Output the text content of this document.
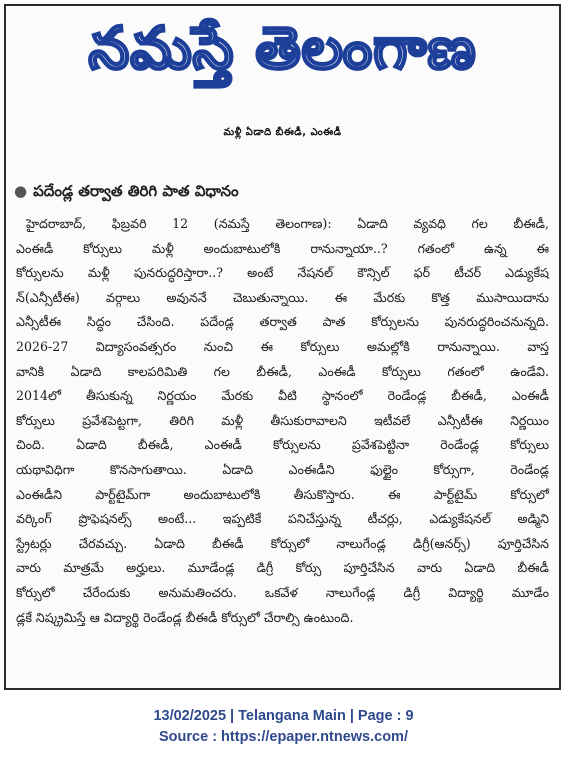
నమస్తే తెలంగాణ
మళ్లీ ఏడాది బీఈడీ, ఎంఈడీ
● పదేండ్ల తర్వాత తిరిగి పాత విధానం
హైదరాబాద్, ఫిబ్రవరి 12 (నమస్తే తెలంగాణ): ఏడాది వ్యవధి గల బీఈడీ,
ఎంఈడీ కోర్సులు మళ్లీ అందుబాటులోకి రానున్నాయా..? గతంలో ఉన్న ఈ
కోర్సులను మళ్లీ పునరుద్ధరిస్తారా..? అంటే నేషనల్ కౌన్సిల్ ఫర్ టీచర్ ఎడ్యుకేష
న్(ఎన్సీటీఈ) వర్గాలు అవుననే చెబుతున్నాయి. ఈ మేరకు కొత్త ముసాయిదాను
ఎన్సీటీఈ సిద్ధం చేసింది. పదేండ్ల తర్వాత పాత కోర్సులను పునరుద్ధరించనున్నది.
2026-27 విద్యాసంవత్సరం నుంచి ఈ కోర్సులు అమల్లోకి రానున్నాయి. వాస్త
వానికి ఏడాది కాలపరిమితి గల బీఈడీ, ఎంఈడీ కోర్సులు గతంలో ఉండేవి.
2014లో తీసుకున్న నిర్ణయం మేరకు వీటి స్థానంలో రెండేండ్ల బీఈడీ, ఎంఈడీ
కోర్సులు ప్రవేశపెట్టగా, తిరిగి మళ్లీ తీసుకురావాలని ఇటీవలే ఎన్సీటీఈ నిర్ణయిం
చింది. ఏడాది బీఈడీ, ఎంఈడీ కోర్సులను ప్రవేశపెట్టినా రెండేండ్ల కోర్సులు
యథావిధిగా కొనసాగుతాయి. ఏడాది ఎంఈడీని ఫుల్టైం కోర్సుగా, రెండేండ్ల
ఎంఈడీని పార్ట్‌టైమ్‌గా అందుబాటులోకి తీసుకొస్తారు. ఈ పార్ట్‌టైమ్ కోర్సులో
వర్కింగ్ ప్రొఫెషనల్స్ అంటే... ఇప్పటికే పనిచేస్తున్న టీచర్లు, ఎడ్యుకేషనల్ అడ్మిని
స్ట్రేటర్లు చేరవచ్చు. ఏడాది బీఈడీ కోర్సులో నాలుగేండ్ల డిగ్రీ(ఆనర్స్) పూర్తిచేసిన
వారు మాత్రమే అర్హులు. మూడేండ్ల డిగ్రీ కోర్సు పూర్తిచేసిన వారు ఏడాది బీఈడీ
కోర్సులో చేరేందుకు అనుమతించరు. ఒకవేళ నాలుగేండ్ల డిగ్రీ విద్యార్థి మూడేం
డ్లకే నిష్క్రమిస్తే ఆ విద్యార్థి రెండేండ్ల బీఈడీ కోర్సులో చేరాల్సి ఉంటుంది.
13/02/2025 | Telangana Main | Page : 9
Source : https://epaper.ntnews.com/
